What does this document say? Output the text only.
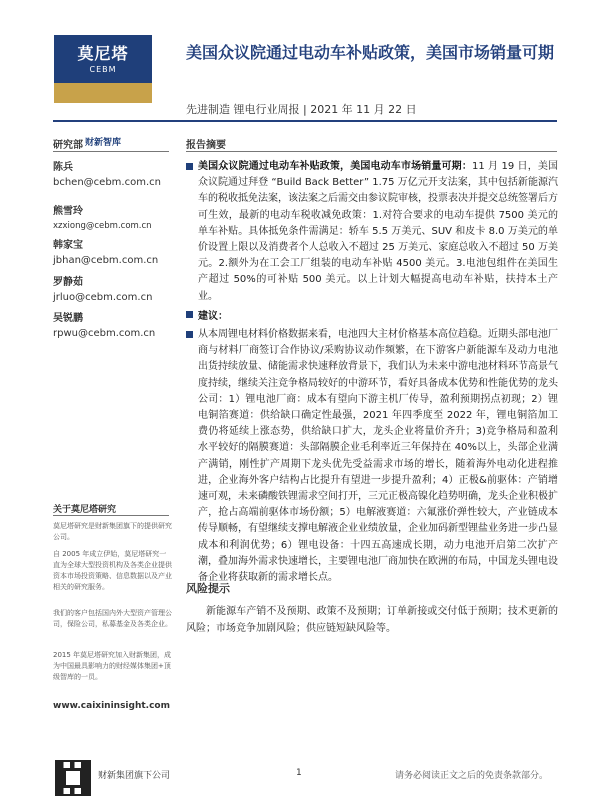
莫尼塔
CEBM
财新智库
美国众议院通过电动车补贴政策，美国市场销量可期
先进制造 锂电行业周报 | 2021 年 11 月 22 日
研究部
陈兵
bchen@cebm.com.cn
熊雪玲
xzxiong@cebm.com.cn
韩家宝
jbhan@cebm.com.cn
罗静茹
jrluo@cebm.com.cn
吴锐鹏
rpwu@cebm.com.cn
关于莫尼塔研究
莫尼塔研究是财新集团旗下的提供研究公司。
自 2005 年成立伊始，莫尼塔研究一直为全球大型投资机构及各类企业提供资本市场投资策略、信息数据以及产业相关的研究服务。
我们的客户包括国内外大型资产管理公司，保险公司，私募基金及各类企业。
2015 年莫尼塔研究加入财新集团，成为中国最具影响力的财经媒体集团+顶级智库的一员。
www.caixininsight.com
报告摘要
美国众议院通过电动车补贴政策，美国电动车市场销量可期：11 月 19 日，美国众议院通过拜登 “Build Back Better” 1.75 万亿元开支法案，其中包括新能源汽车的税收抵免法案，该法案之后需交由参议院审核，投票表决并提交总统签署后方可生效，最新的电动车税收减免政策：1.对符合要求的电动车提供 7500 美元的单车补贴。具体抵免条件需满足：轿车 5.5 万美元、SUV 和皮卡 8.0 万美元的单价设置上限以及消费者个人总收入不超过 25 万美元、家庭总收入不超过 50 万美元。2.额外为在工会工厂组装的电动车补贴 4500 美元。3.电池包组件在美国生产超过 50%的可补贴 500 美元。以上计划大幅提高电动车补贴，扶持本土产业。
建议：
从本周锂电材料价格数据来看，电池四大主材价格基本高位趋稳。近期头部电池厂商与材料厂商签订合作协议/采购协议动作频繁，在下游客户新能源车及动力电池出货持续放量、储能需求快速释放背景下，我们认为未来中游电池材料环节高景气度持续，继续关注竞争格局较好的中游环节，看好具备成本优势和性能优势的龙头公司：1）锂电池厂商：成本有望向下游主机厂传导，盈利预期拐点初现；2）锂电铜箔赛道：供给缺口确定性最强，2021 年四季度至 2022 年，锂电铜箔加工费仍将延续上涨态势，供给缺口扩大，龙头企业将量价齐升；3)竞争格局和盈利水平较好的隔膜赛道：头部隔膜企业毛利率近三年保持在 40%以上，头部企业满产满销，刚性扩产周期下龙头优先受益需求市场的增长，随着海外电动化进程推进，企业海外客户结构占比提升有望进一步提升盈利；4）正极&前驱体：产销增速可观，未来磷酸铁锂需求空间打开，三元正极高镍化趋势明确，龙头企业积极扩产，抢占高端前驱体市场份额；5）电解液赛道：六氟涨价弹性较大，产业链成本传导顺畅，有望继续支撑电解液企业业绩放量，企业加码新型锂盐业务进一步凸显成本和利润优势；6）锂电设备：十四五高速成长期，动力电池开启第二次扩产潮，叠加海外需求快速增长，主要锂电池厂商加快在欧洲的布局，中国龙头锂电设备企业将获取新的需求增长点。
风险提示
新能源车产销不及预期、政策不及预期；订单新接或交付低于预期；技术更新的风险；市场竞争加剧风险；供应链短缺风险等。
财新集团旗下公司	1	请务必阅读正文之后的免责条款部分。
